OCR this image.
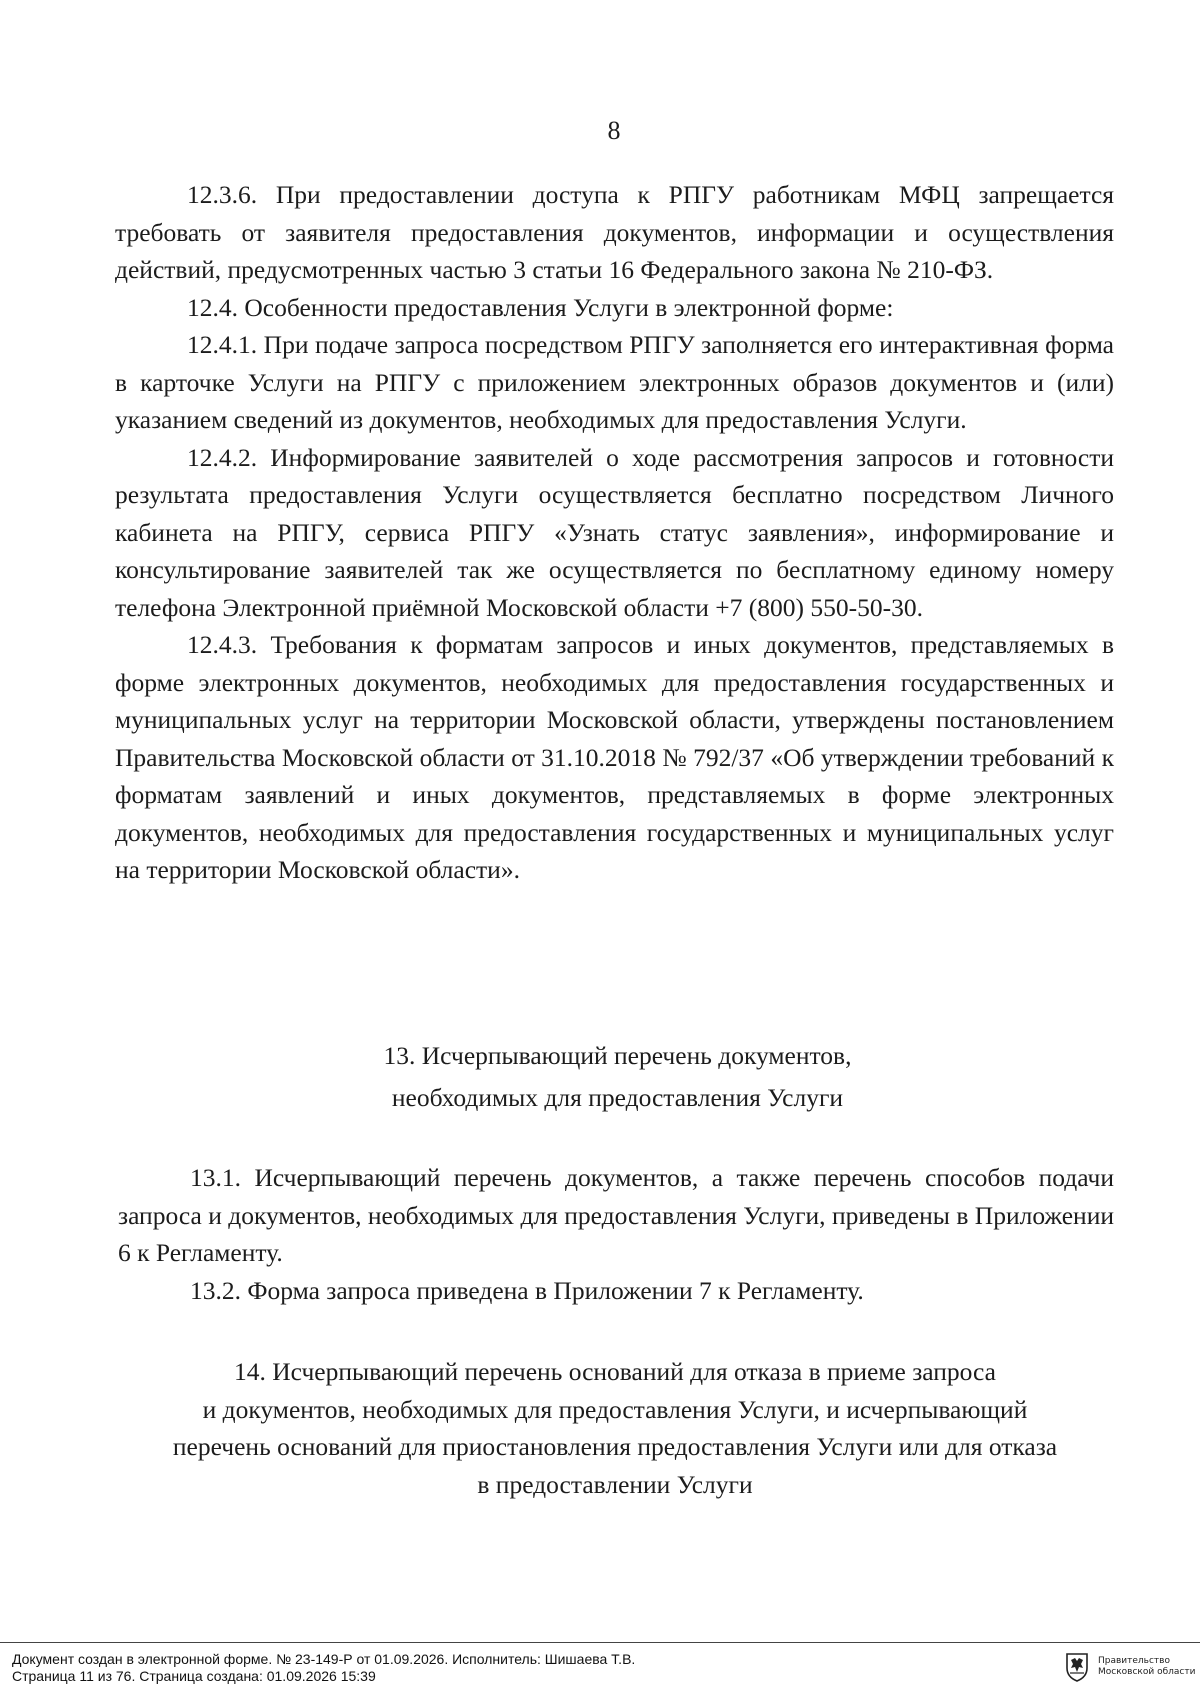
8

12.3.6. При предоставлении доступа к РПГУ работникам МФЦ запрещается требовать от заявителя предоставления документов, информации и осуществления действий, предусмотренных частью 3 статьи 16 Федерального закона № 210-ФЗ.

12.4. Особенности предоставления Услуги в электронной форме:

12.4.1. При подаче запроса посредством РПГУ заполняется его интерактивная форма в карточке Услуги на РПГУ с приложением электронных образов документов и (или) указанием сведений из документов, необходимых для предоставления Услуги.

12.4.2. Информирование заявителей о ходе рассмотрения запросов и готовности результата предоставления Услуги осуществляется бесплатно посредством Личного кабинета на РПГУ, сервиса РПГУ «Узнать статус заявления», информирование и консультирование заявителей так же осуществляется по бесплатному единому номеру телефона Электронной приёмной Московской области +7 (800) 550-50-30.

12.4.3. Требования к форматам запросов и иных документов, представляемых в форме электронных документов, необходимых для предоставления государственных и муниципальных услуг на территории Московской области, утверждены постановлением Правительства Московской области от 31.10.2018 № 792/37 «Об утверждении требований к форматам заявлений и иных документов, представляемых в форме электронных документов, необходимых для предоставления государственных и муниципальных услуг на территории Московской области».

13. Исчерпывающий перечень документов,

необходимых для предоставления Услуги

13.1. Исчерпывающий перечень документов, а также перечень способов подачи запроса и документов, необходимых для предоставления Услуги, приведены в Приложении 6 к Регламенту.

13.2. Форма запроса приведена в Приложении 7 к Регламенту.

14. Исчерпывающий перечень оснований для отказа в приеме запроса
и документов, необходимых для предоставления Услуги, и исчерпывающий
перечень оснований для приостановления предоставления Услуги или для отказа
в предоставлении Услуги
Документ создан в электронной форме. № 23-149-Р от 01.09.2026. Исполнитель: Шишаева Т.В.
Страница 11 из 76. Страница создана: 01.09.2026 15:39
Правительство
Московской области
